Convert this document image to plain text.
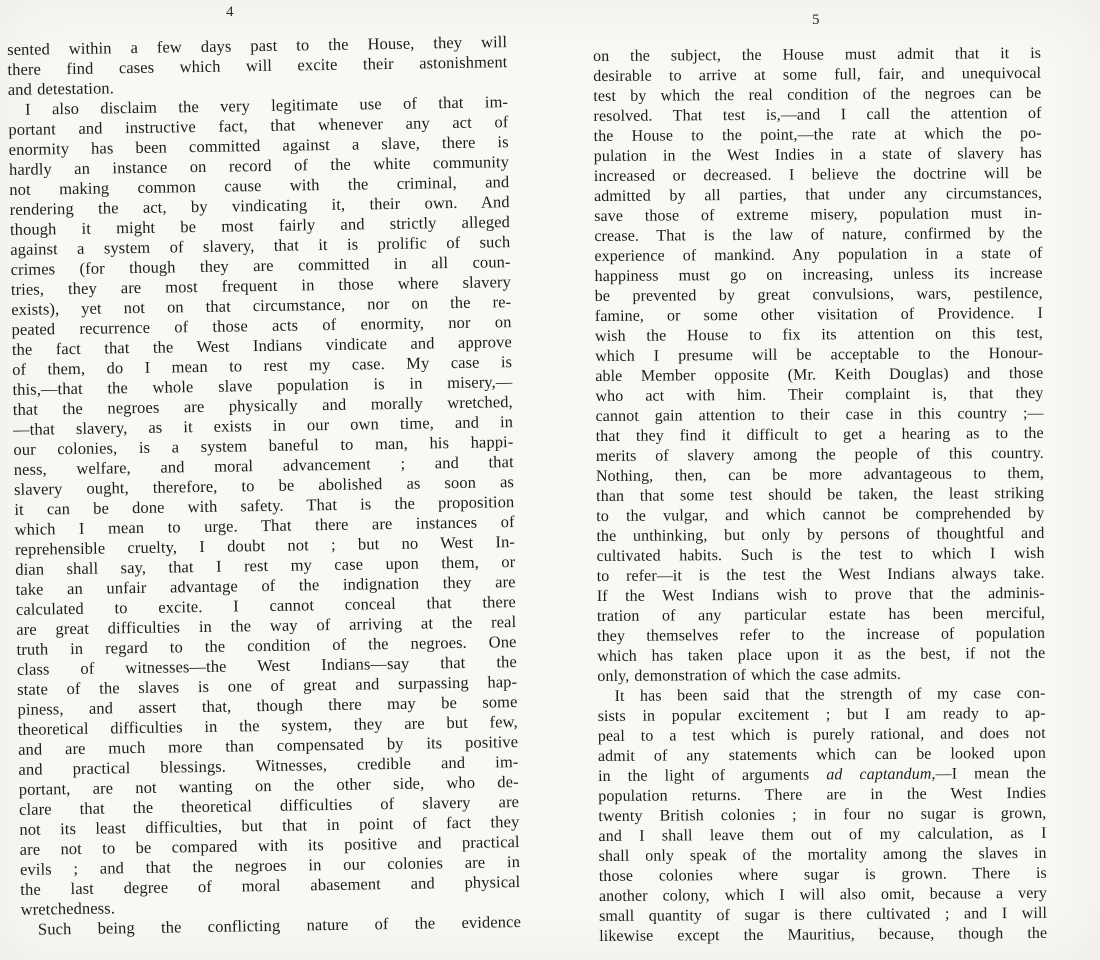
4
sented within a few days past to the House, they will
there find cases which will excite their astonishment
and detestation.
I also disclaim the very legitimate use of that im-
portant and instructive fact, that whenever any act of
enormity has been committed against a slave, there is
hardly an instance on record of the white community
not making common cause with the criminal, and
rendering the act, by vindicating it, their own. And
though it might be most fairly and strictly alleged
against a system of slavery, that it is prolific of such
crimes (for though they are committed in all coun-
tries, they are most frequent in those where slavery
exists), yet not on that circumstance, nor on the re-
peated recurrence of those acts of enormity, nor on
the fact that the West Indians vindicate and approve
of them, do I mean to rest my case. My case is
this,—that the whole slave population is in misery,—
that the negroes are physically and morally wretched,
—that slavery, as it exists in our own time, and in
our colonies, is a system baneful to man, his happi-
ness, welfare, and moral advancement ; and that
slavery ought, therefore, to be abolished as soon as
it can be done with safety. That is the proposition
which I mean to urge. That there are instances of
reprehensible cruelty, I doubt not ; but no West In-
dian shall say, that I rest my case upon them, or
take an unfair advantage of the indignation they are
calculated to excite. I cannot conceal that there
are great difficulties in the way of arriving at the real
truth in regard to the condition of the negroes. One
class of witnesses—the West Indians—say that the
state of the slaves is one of great and surpassing hap-
piness, and assert that, though there may be some
theoretical difficulties in the system, they are but few,
and are much more than compensated by its positive
and practical blessings. Witnesses, credible and im-
portant, are not wanting on the other side, who de-
clare that the theoretical difficulties of slavery are
not its least difficulties, but that in point of fact they
are not to be compared with its positive and practical
evils ; and that the negroes in our colonies are in
the last degree of moral abasement and physical
wretchedness.
Such being the conflicting nature of the evidence
5
on the subject, the House must admit that it is
desirable to arrive at some full, fair, and unequivocal
test by which the real condition of the negroes can be
resolved. That test is,—and I call the attention of
the House to the point,—the rate at which the po-
pulation in the West Indies in a state of slavery has
increased or decreased. I believe the doctrine will be
admitted by all parties, that under any circumstances,
save those of extreme misery, population must in-
crease. That is the law of nature, confirmed by the
experience of mankind. Any population in a state of
happiness must go on increasing, unless its increase
be prevented by great convulsions, wars, pestilence,
famine, or some other visitation of Providence. I
wish the House to fix its attention on this test,
which I presume will be acceptable to the Honour-
able Member opposite (Mr. Keith Douglas) and those
who act with him. Their complaint is, that they
cannot gain attention to their case in this country ;—
that they find it difficult to get a hearing as to the
merits of slavery among the people of this country.
Nothing, then, can be more advantageous to them,
than that some test should be taken, the least striking
to the vulgar, and which cannot be comprehended by
the unthinking, but only by persons of thoughtful and
cultivated habits. Such is the test to which I wish
to refer—it is the test the West Indians always take.
If the West Indians wish to prove that the adminis-
tration of any particular estate has been merciful,
they themselves refer to the increase of population
which has taken place upon it as the best, if not the
only, demonstration of which the case admits.
It has been said that the strength of my case con-
sists in popular excitement ; but I am ready to ap-
peal to a test which is purely rational, and does not
admit of any statements which can be looked upon
in the light of arguments ad captandum,—I mean the
population returns. There are in the West Indies
twenty British colonies ; in four no sugar is grown,
and I shall leave them out of my calculation, as I
shall only speak of the mortality among the slaves in
those colonies where sugar is grown. There is
another colony, which I will also omit, because a very
small quantity of sugar is there cultivated ; and I will
likewise except the Mauritius, because, though the
